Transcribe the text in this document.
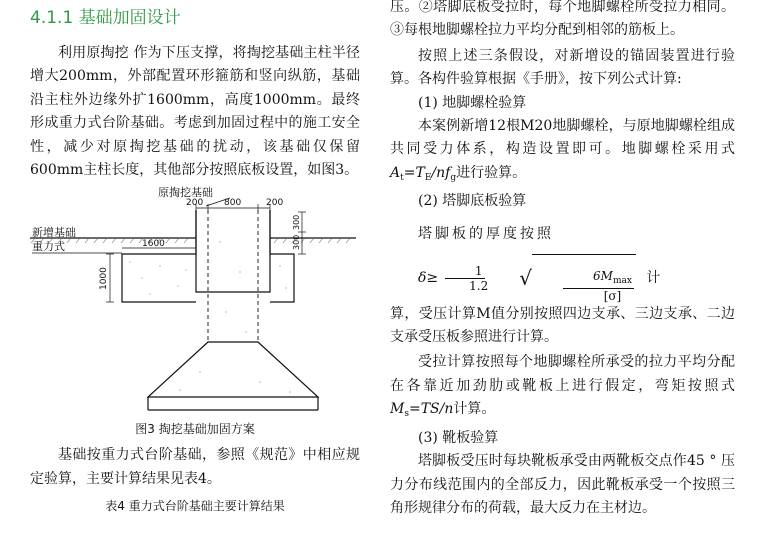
4.1.1 基础加固设计

利用原掏挖 作为下压支撑，将掏挖基础主柱半径增大200mm，外部配置环形箍筋和竖向纵筋，基础沿主柱外边缘外扩1600mm，高度1000mm。最终形成重力式台阶基础。考虑到加固过程中的施工安全性，减少对原掏挖基础的扰动，该基础仅保留600mm主柱长度，其他部分按照底板设置，如图3。

原掏挖基础
200 800	200
新增基础
重力式	1600
1000
300
300
图3 掏挖基础加固方案

基础按重力式台阶基础，参照《规范》中相应规定验算，主要计算结果见表4。

表4 重力式台阶基础主要计算结果

压。②塔脚底板受拉时，每个地脚螺栓所受拉力相同。③每根地脚螺栓拉力平均分配到相邻的筋板上。

按照上述三条假设，对新增设的锚固装置进行验算。各构件验算根据《手册》，按下列公式计算:

(1) 地脚螺栓验算

本案例新增12根M20地脚螺栓，与原地脚螺栓组成共同受力体系，构造设置即可。地脚螺栓采用式$A_t=T_E/nf_g$进行验算。

(2) 塔脚底板验算

塔脚板的厚度按照
$\delta\ge \frac{1}{1.2}$	√	$\frac{6M_{max}}{[\sigma]}$ 计

算，受压计算M值分别按照四边支承、三边支承、二边支承受压板参照进行计算。

受拉计算按照每个地脚螺栓所承受的拉力平均分配在各靠近加劲肋或靴板上进行假定，弯矩按照式$M_s=TS/n$计算。

(3) 靴板验算

塔脚板受压时每块靴板承受由两靴板交点作45 ° 压力分布线范围内的全部反力，因此靴板承受一个按照三角形规律分布的荷载，最大反力在主材边。
